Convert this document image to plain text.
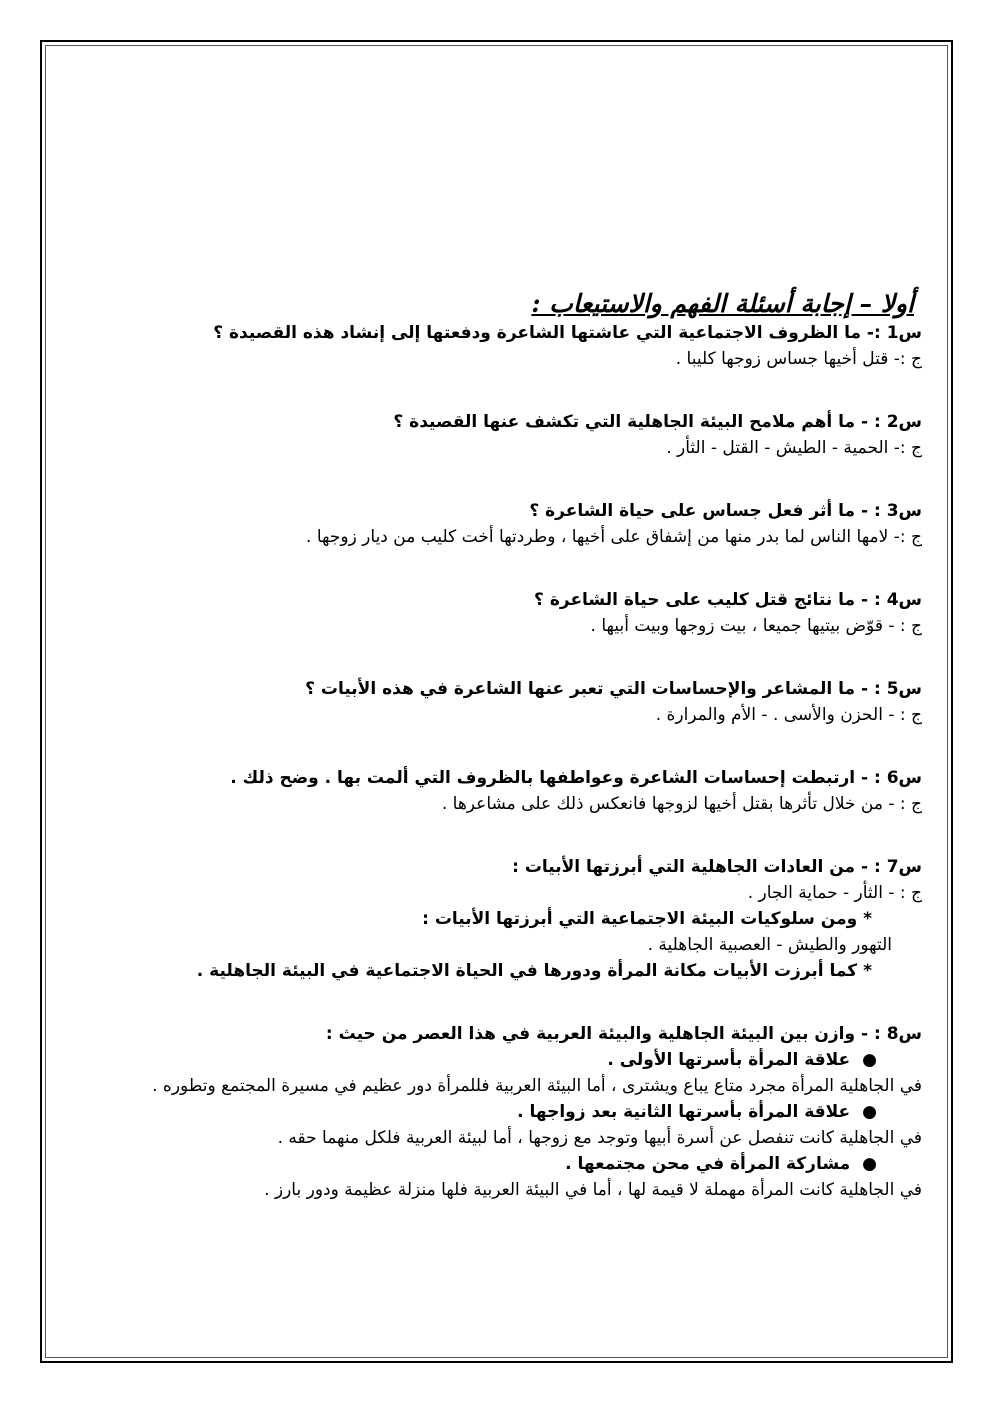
أولا – إجابة أسئلة الفهم والاستيعاب :
س1 :- ما الظروف الاجتماعية التي عاشتها الشاعرة ودفعتها إلى إنشاد هذه القصيدة ؟
ج :- قتل أخيها جساس زوجها كليبا .
س2 : - ما أهم ملامح البيئة الجاهلية التي تكشف عنها القصيدة ؟
ج :- الحمية - الطيش - القتل - الثأر .
س3 : - ما أثر فعل جساس على حياة الشاعرة ؟
ج :- لامها الناس لما بدر منها من إشفاق على أخيها ، وطردتها أخت كليب من ديار زوجها .
س4 : - ما نتائج قتل كليب على حياة الشاعرة ؟
ج : - قوّض بيتيها جميعا ، بيت زوجها وبيت أبيها .
س5 : - ما المشاعر والإحساسات التي تعبر عنها الشاعرة في هذه الأبيات ؟
ج : - الحزن والأسى . - الأم والمرارة .
س6 : - ارتبطت إحساسات الشاعرة وعواطفها بالظروف التي ألمت بها . وضح ذلك .
ج : - من خلال تأثرها بقتل أخيها لزوجها فانعكس ذلك على مشاعرها .
س7 : - من العادات الجاهلية التي أبرزتها الأبيات :
ج : - الثأر - حماية الجار .
* ومن سلوكيات البيئة الاجتماعية التي أبرزتها الأبيات :
التهور والطيش - العصبية الجاهلية .
* كما أبرزت الأبيات مكانة المرأة ودورها في الحياة الاجتماعية في البيئة الجاهلية .
س8 : - وازن بين البيئة الجاهلية والبيئة العربية في هذا العصر من حيث :
●علاقة المرأة بأسرتها الأولى .
في الجاهلية المرأة مجرد متاع يباع ويشترى ، أما البيئة العربية فللمرأة دور عظيم في مسيرة المجتمع وتطوره .
●علاقة المرأة بأسرتها الثانية بعد زواجها .
في الجاهلية كانت تنفصل عن أسرة أبيها وتوجد مع زوجها ، أما لبيئة العربية فلكل منهما حقه .
●مشاركة المرأة في محن مجتمعها .
في الجاهلية كانت المرأة مهملة لا قيمة لها ، أما في البيئة العربية فلها منزلة عظيمة ودور بارز .
